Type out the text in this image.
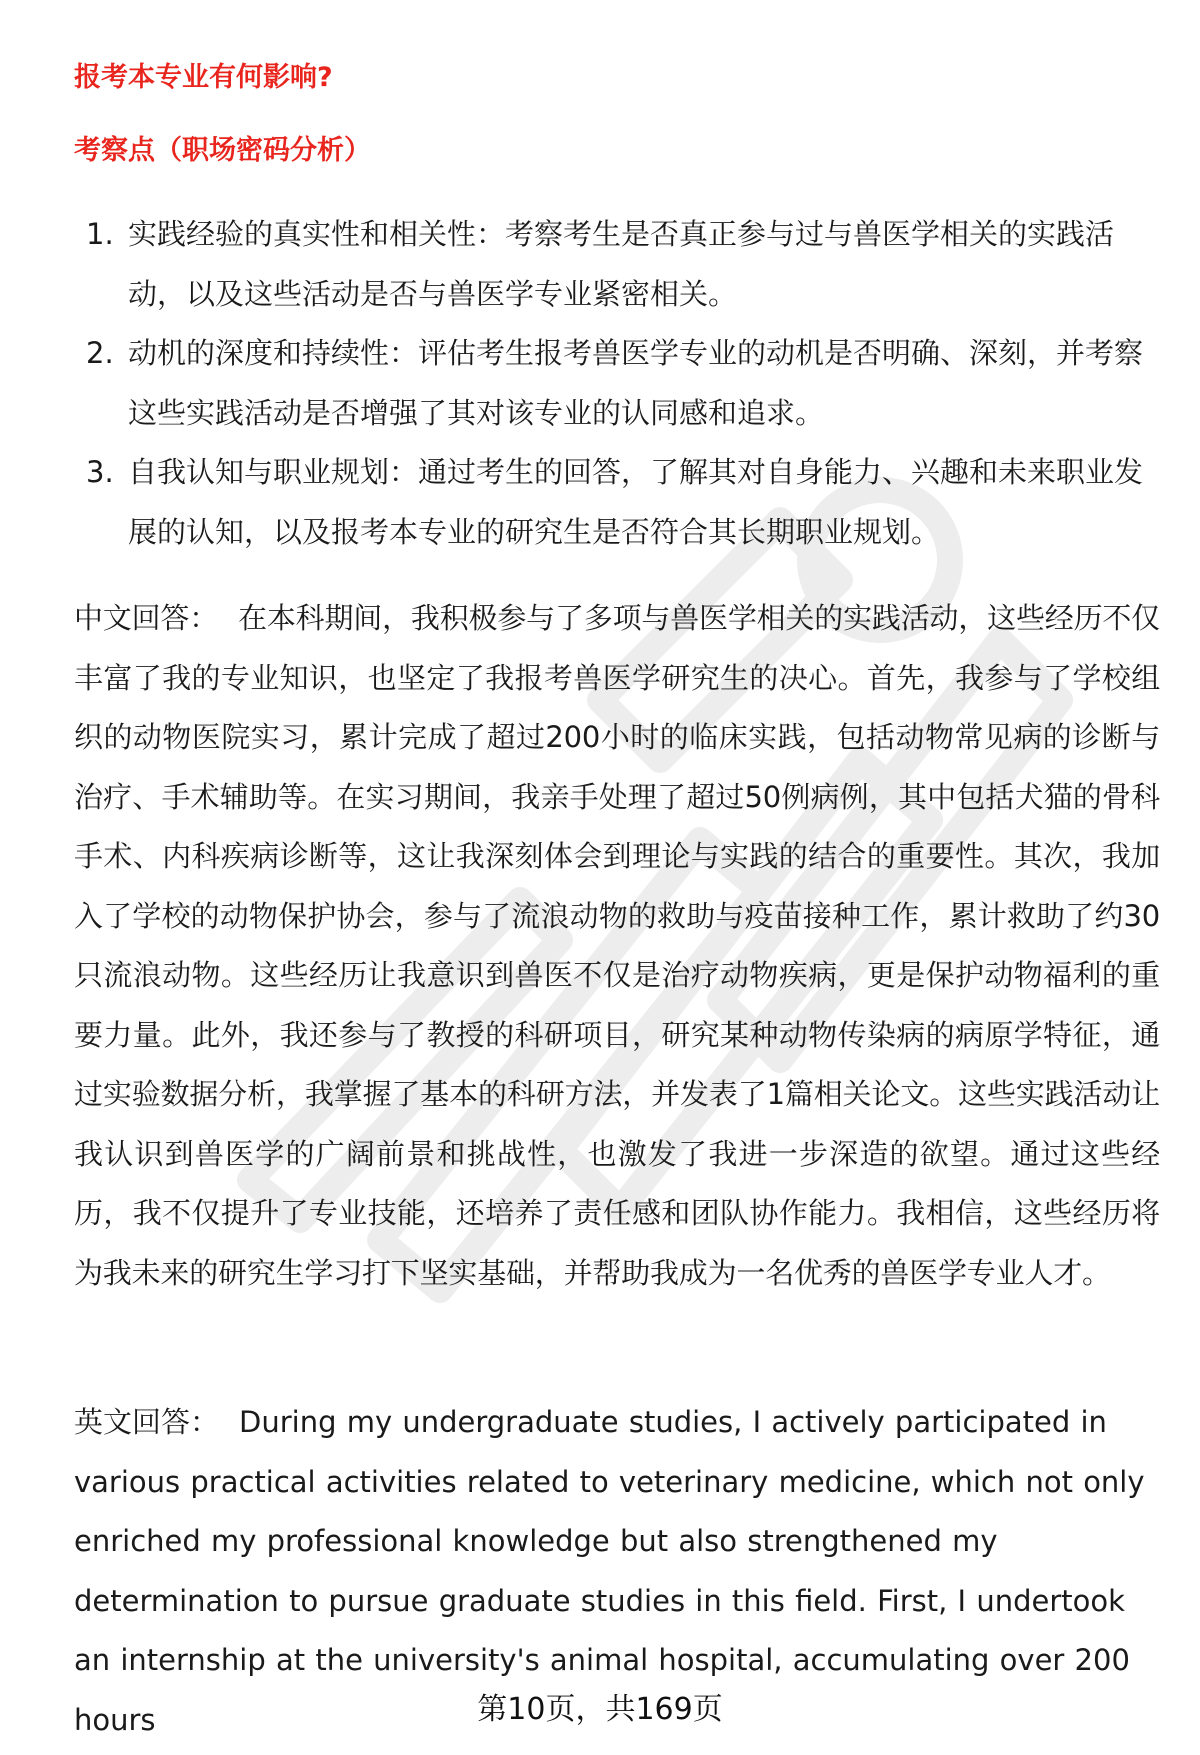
报考本专业有何影响?

考察点（职场密码分析）

1. 实践经验的真实性和相关性：考察考生是否真正参与过与兽医学相关的实践活动，以及这些活动是否与兽医学专业紧密相关。
2. 动机的深度和持续性：评估考生报考兽医学专业的动机是否明确、深刻，并考察这些实践活动是否增强了其对该专业的认同感和追求。
3. 自我认知与职业规划：通过考生的回答，了解其对自身能力、兴趣和未来职业发展的认知，以及报考本专业的研究生是否符合其长期职业规划。

中文回答： 在本科期间，我积极参与了多项与兽医学相关的实践活动，这些经历不仅丰富了我的专业知识，也坚定了我报考兽医学研究生的决心。首先，我参与了学校组织的动物医院实习，累计完成了超过200小时的临床实践，包括动物常见病的诊断与治疗、手术辅助等。在实习期间，我亲手处理了超过50例病例，其中包括犬猫的骨科手术、内科疾病诊断等，这让我深刻体会到理论与实践的结合的重要性。其次，我加入了学校的动物保护协会，参与了流浪动物的救助与疫苗接种工作，累计救助了约30只流浪动物。这些经历让我意识到兽医不仅是治疗动物疾病，更是保护动物福利的重要力量。此外，我还参与了教授的科研项目，研究某种动物传染病的病原学特征，通过实验数据分析，我掌握了基本的科研方法，并发表了1篇相关论文。这些实践活动让我认识到兽医学的广阔前景和挑战性，也激发了我进一步深造的欲望。通过这些经历，我不仅提升了专业技能，还培养了责任感和团队协作能力。我相信，这些经历将为我未来的研究生学习打下坚实基础，并帮助我成为一名优秀的兽医学专业人才。

英文回答： During my undergraduate studies, I actively participated in various practical activities related to veterinary medicine, which not only enriched my professional knowledge but also strengthened my determination to pursue graduate studies in this field. First, I undertook an internship at the university's animal hospital, accumulating over 200 hours	第10页，共169页
